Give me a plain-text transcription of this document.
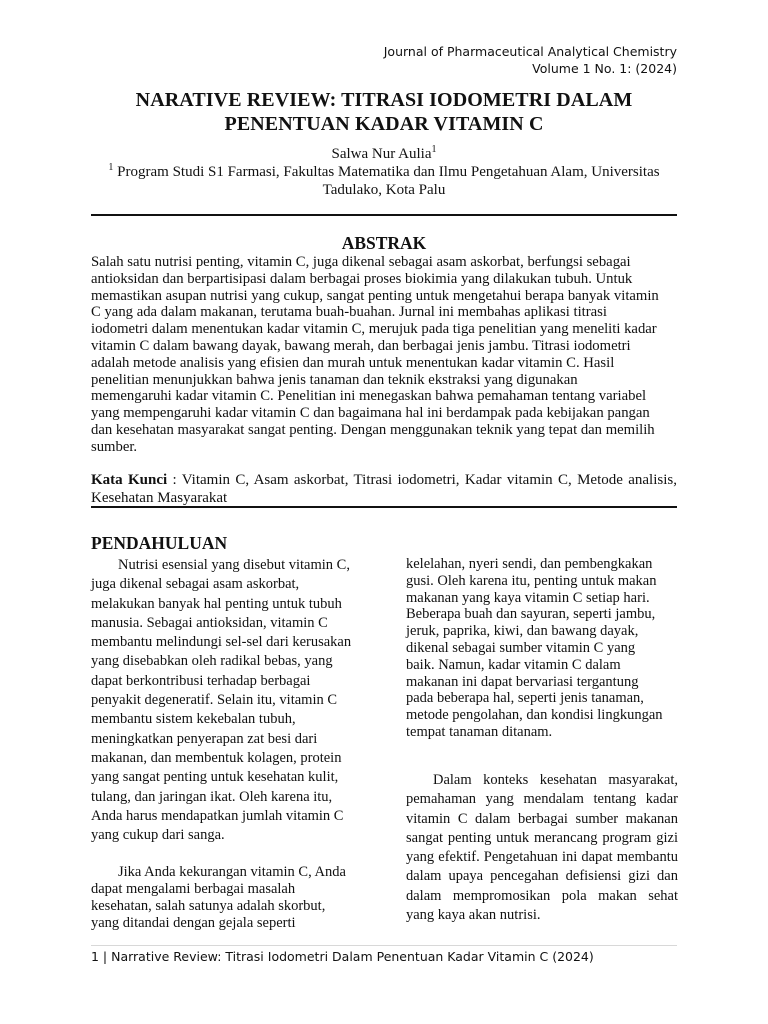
Journal of Pharmaceutical Analytical Chemistry
Volume 1 No. 1: (2024)
NARATIVE REVIEW: TITRASI IODOMETRI DALAM
PENENTUAN KADAR VITAMIN C
Salwa Nur Aulia$^1$
$^1$ Program Studi S1 Farmasi, Fakultas Matematika dan Ilmu Pengetahuan Alam, Universitas
Tadulako, Kota Palu
ABSTRAK
Salah satu nutrisi penting, vitamin C, juga dikenal sebagai asam askorbat, berfungsi sebagai
antioksidan dan berpartisipasi dalam berbagai proses biokimia yang dilakukan tubuh. Untuk
memastikan asupan nutrisi yang cukup, sangat penting untuk mengetahui berapa banyak vitamin
C yang ada dalam makanan, terutama buah-buahan. Jurnal ini membahas aplikasi titrasi
iodometri dalam menentukan kadar vitamin C, merujuk pada tiga penelitian yang meneliti kadar
vitamin C dalam bawang dayak, bawang merah, dan berbagai jenis jambu. Titrasi iodometri
adalah metode analisis yang efisien dan murah untuk menentukan kadar vitamin C. Hasil
penelitian menunjukkan bahwa jenis tanaman dan teknik ekstraksi yang digunakan
memengaruhi kadar vitamin C. Penelitian ini menegaskan bahwa pemahaman tentang variabel
yang mempengaruhi kadar vitamin C dan bagaimana hal ini berdampak pada kebijakan pangan
dan kesehatan masyarakat sangat penting. Dengan menggunakan teknik yang tepat dan memilih
sumber.
Kata Kunci : Vitamin C, Asam askorbat, Titrasi iodometri, Kadar vitamin C, Metode analisis, Kesehatan Masyarakat
PENDAHULUAN
Nutrisi esensial yang disebut vitamin C,
juga dikenal sebagai asam askorbat,
melakukan banyak hal penting untuk tubuh
manusia. Sebagai antioksidan, vitamin C
membantu melindungi sel-sel dari kerusakan
yang disebabkan oleh radikal bebas, yang
dapat berkontribusi terhadap berbagai
penyakit degeneratif. Selain itu, vitamin C
membantu sistem kekebalan tubuh,
meningkatkan penyerapan zat besi dari
makanan, dan membentuk kolagen, protein
yang sangat penting untuk kesehatan kulit,
tulang, dan jaringan ikat. Oleh karena itu,
Anda harus mendapatkan jumlah vitamin C
yang cukup dari sanga.
Jika Anda kekurangan vitamin C, Anda
dapat mengalami berbagai masalah
kesehatan, salah satunya adalah skorbut,
yang ditandai dengan gejala seperti
kelelahan, nyeri sendi, dan pembengkakan
gusi. Oleh karena itu, penting untuk makan
makanan yang kaya vitamin C setiap hari.
Beberapa buah dan sayuran, seperti jambu,
jeruk, paprika, kiwi, dan bawang dayak,
dikenal sebagai sumber vitamin C yang
baik. Namun, kadar vitamin C dalam
makanan ini dapat bervariasi tergantung
pada beberapa hal, seperti jenis tanaman,
metode pengolahan, dan kondisi lingkungan
tempat tanaman ditanam.
Dalam konteks kesehatan masyarakat, pemahaman yang mendalam tentang kadar vitamin C dalam berbagai sumber makanan sangat penting untuk merancang program gizi yang efektif. Pengetahuan ini dapat membantu dalam upaya pencegahan defisiensi gizi dan dalam mempromosikan pola makan sehat yang kaya akan nutrisi.
1 | Narrative Review: Titrasi Iodometri Dalam Penentuan Kadar Vitamin C (2024)
